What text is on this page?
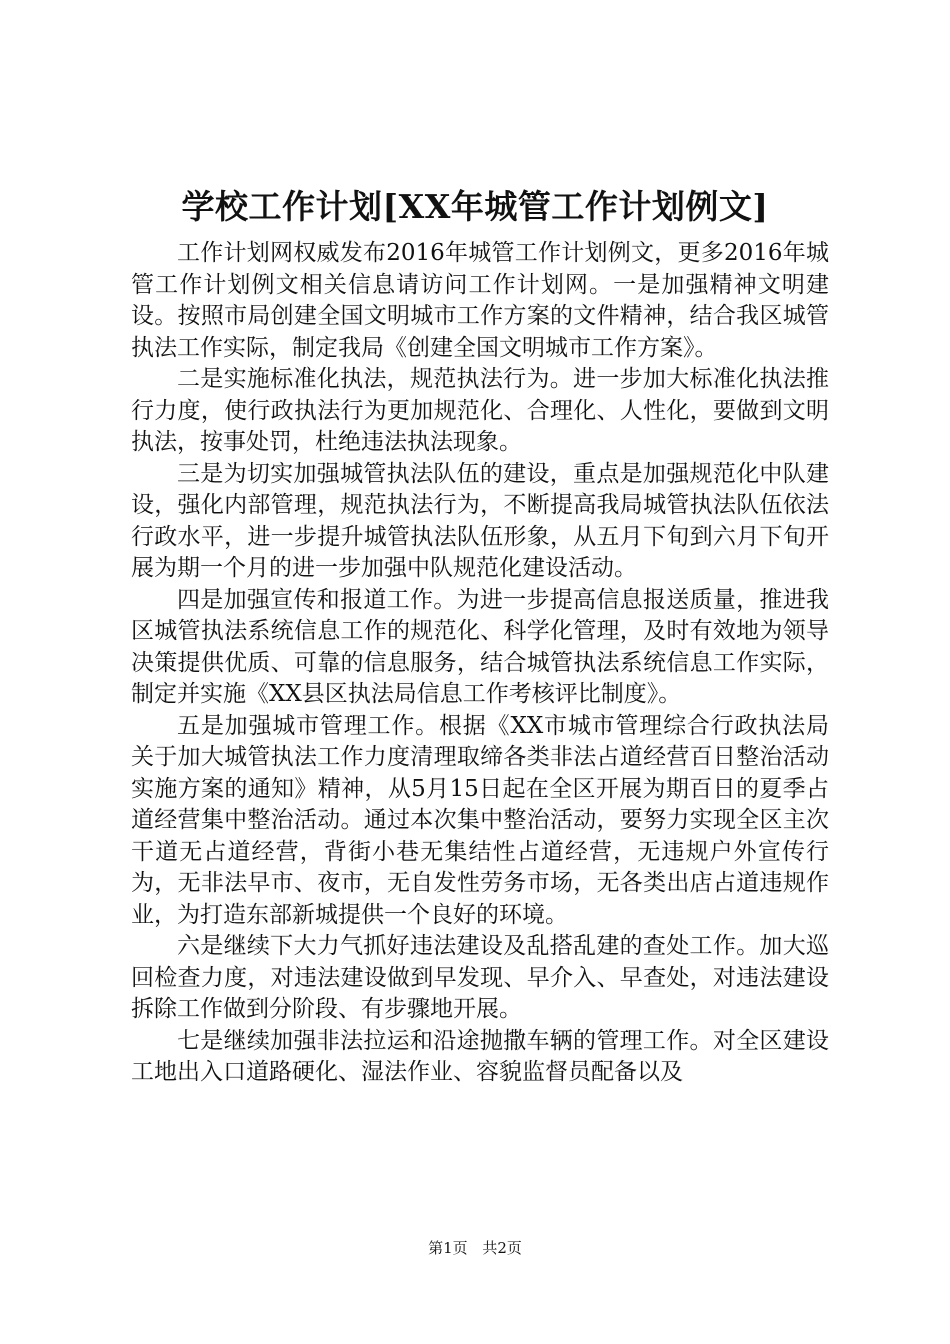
学校工作计划[XX年城管工作计划例文]

工作计划网权威发布2016年城管工作计划例文，更多2016年城管工作计划例文相关信息请访问工作计划网。一是加强精神文明建设。按照市局创建全国文明城市工作方案的文件精神，结合我区城管执法工作实际，制定我局《创建全国文明城市工作方案》。

二是实施标准化执法，规范执法行为。进一步加大标准化执法推行力度，使行政执法行为更加规范化、合理化、人性化，要做到文明执法，按事处罚，杜绝违法执法现象。

三是为切实加强城管执法队伍的建设，重点是加强规范化中队建设，强化内部管理，规范执法行为，不断提高我局城管执法队伍依法行政水平，进一步提升城管执法队伍形象，从五月下旬到六月下旬开展为期一个月的进一步加强中队规范化建设活动。

四是加强宣传和报道工作。为进一步提高信息报送质量，推进我区城管执法系统信息工作的规范化、科学化管理，及时有效地为领导决策提供优质、可靠的信息服务，结合城管执法系统信息工作实际，制定并实施《XX县区执法局信息工作考核评比制度》。

五是加强城市管理工作。根据《XX市城市管理综合行政执法局关于加大城管执法工作力度清理取缔各类非法占道经营百日整治活动实施方案的通知》精神，从5月15日起在全区开展为期百日的夏季占道经营集中整治活动。通过本次集中整治活动，要努力实现全区主次干道无占道经营，背街小巷无集结性占道经营，无违规户外宣传行为，无非法早市、夜市，无自发性劳务市场，无各类出店占道违规作业，为打造东部新城提供一个良好的环境。

六是继续下大力气抓好违法建设及乱搭乱建的查处工作。加大巡回检查力度，对违法建设做到早发现、早介入、早查处，对违法建设拆除工作做到分阶段、有步骤地开展。

七是继续加强非法拉运和沿途抛撒车辆的管理工作。对全区建设工地出入口道路硬化、湿法作业、容貌监督员配备以及

第1页 共2页
